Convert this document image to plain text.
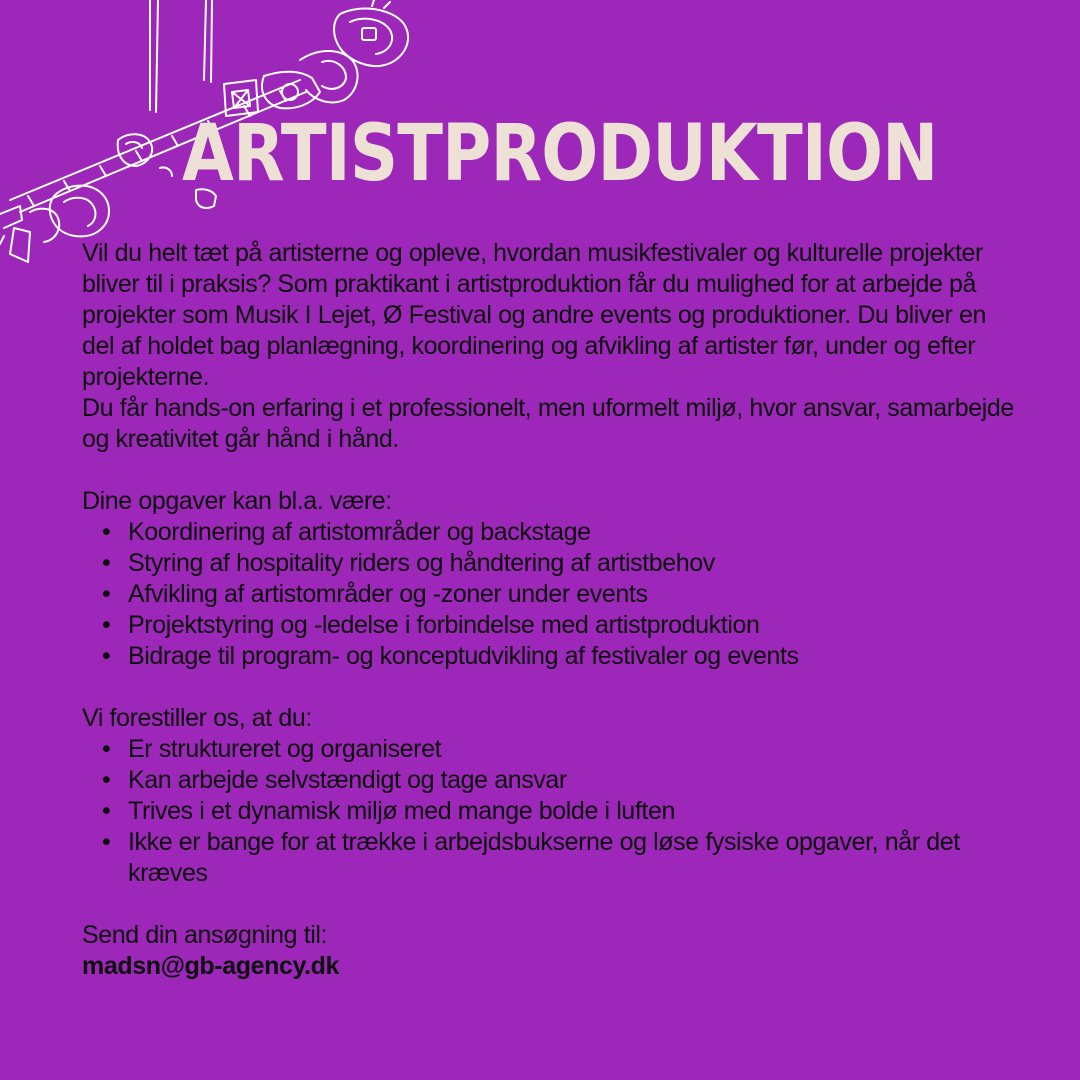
ARTISTPRODUKTION

Vil du helt tæt på artisterne og opleve, hvordan musikfestivaler og kulturelle projekter bliver til i praksis? Som praktikant i artistproduktion får du mulighed for at arbejde på projekter som Musik I Lejet, Ø Festival og andre events og produktioner. Du bliver en del af holdet bag planlægning, koordinering og afvikling af artister før, under og efter projekterne.

Du får hands-on erfaring i et professionelt, men uformelt miljø, hvor ansvar, samarbejde og kreativitet går hånd i hånd.

Dine opgaver kan bl.a. være:

• Koordinering af artistområder og backstage
• Styring af hospitality riders og håndtering af artistbehov
• Afvikling af artistområder og -zoner under events
• Projektstyring og -ledelse i forbindelse med artistproduktion
• Bidrage til program- og konceptudvikling af festivaler og events

Vi forestiller os, at du:

• Er struktureret og organiseret
• Kan arbejde selvstændigt og tage ansvar
• Trives i et dynamisk miljø med mange bolde i luften
• Ikke er bange for at trække i arbejdsbukserne og løse fysiske opgaver, når det kræves

Send din ansøgning til:

madsn@gb-agency.dk
